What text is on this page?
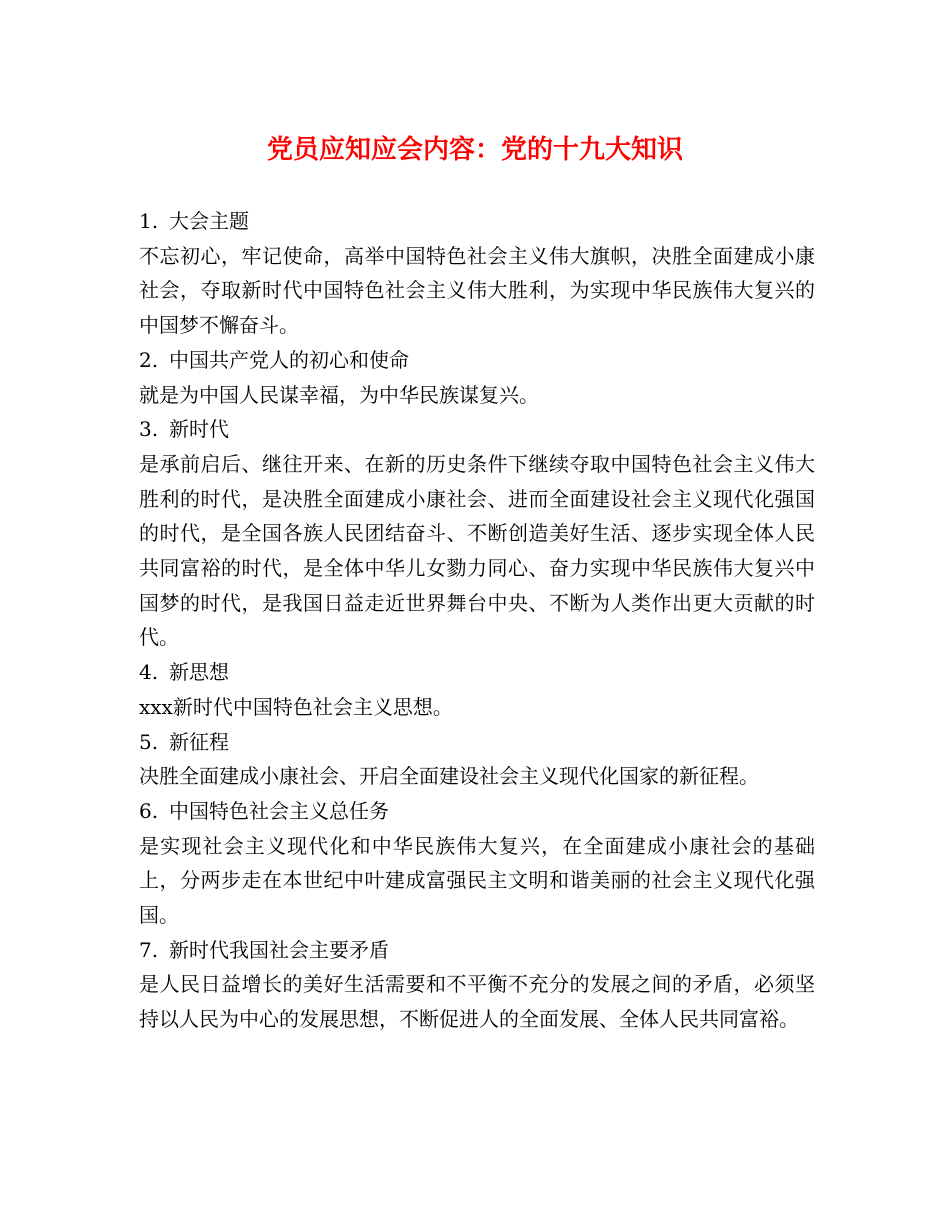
党员应知应会内容：党的十九大知识

1. 大会主题

不忘初心，牢记使命，高举中国特色社会主义伟大旗帜，决胜全面建成小康社会，夺取新时代中国特色社会主义伟大胜利，为实现中华民族伟大复兴的中国梦不懈奋斗。

2. 中国共产党人的初心和使命

就是为中国人民谋幸福，为中华民族谋复兴。

3. 新时代

是承前启后、继往开来、在新的历史条件下继续夺取中国特色社会主义伟大胜利的时代，是决胜全面建成小康社会、进而全面建设社会主义现代化强国的时代，是全国各族人民团结奋斗、不断创造美好生活、逐步实现全体人民共同富裕的时代，是全体中华儿女勠力同心、奋力实现中华民族伟大复兴中国梦的时代，是我国日益走近世界舞台中央、不断为人类作出更大贡献的时代。

4. 新思想

xxx新时代中国特色社会主义思想。

5. 新征程

决胜全面建成小康社会、开启全面建设社会主义现代化国家的新征程。

6. 中国特色社会主义总任务

是实现社会主义现代化和中华民族伟大复兴，在全面建成小康社会的基础上，分两步走在本世纪中叶建成富强民主文明和谐美丽的社会主义现代化强国。

7. 新时代我国社会主要矛盾

是人民日益增长的美好生活需要和不平衡不充分的发展之间的矛盾，必须坚持以人民为中心的发展思想，不断促进人的全面发展、全体人民共同富裕。
